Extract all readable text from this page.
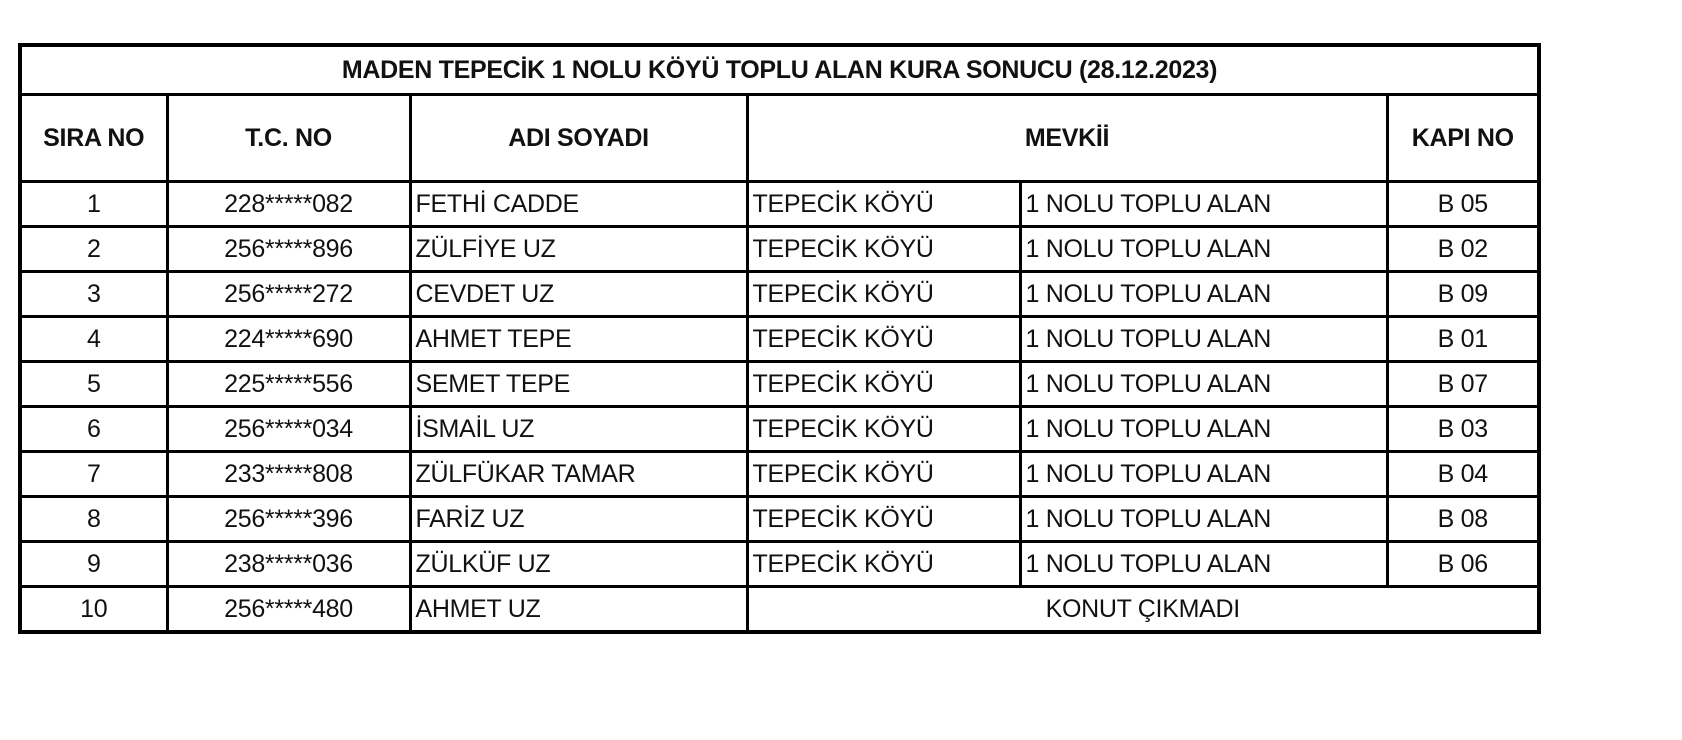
MADEN TEPECİK 1 NOLU KÖYÜ TOPLU ALAN KURA SONUCU (28.12.2023)					
SIRA NO	T.C. NO	ADI SOYADI	MEVKİİ		KAPI NO
1	228*****082	FETHİ CADDE	TEPECİK KÖYÜ	1 NOLU TOPLU ALAN	B 05
2	256*****896	ZÜLFİYE UZ	TEPECİK KÖYÜ	1 NOLU TOPLU ALAN	B 02
3	256*****272	CEVDET UZ	TEPECİK KÖYÜ	1 NOLU TOPLU ALAN	B 09
4	224*****690	AHMET TEPE	TEPECİK KÖYÜ	1 NOLU TOPLU ALAN	B 01
5	225*****556	SEMET TEPE	TEPECİK KÖYÜ	1 NOLU TOPLU ALAN	B 07
6	256*****034	İSMAİL UZ	TEPECİK KÖYÜ	1 NOLU TOPLU ALAN	B 03
7	233*****808	ZÜLFÜKAR TAMAR	TEPECİK KÖYÜ	1 NOLU TOPLU ALAN	B 04
8	256*****396	FARİZ UZ	TEPECİK KÖYÜ	1 NOLU TOPLU ALAN	B 08
9	238*****036	ZÜLKÜF UZ	TEPECİK KÖYÜ	1 NOLU TOPLU ALAN	B 06
10	256*****480	AHMET UZ	KONUT ÇIKMADI		
